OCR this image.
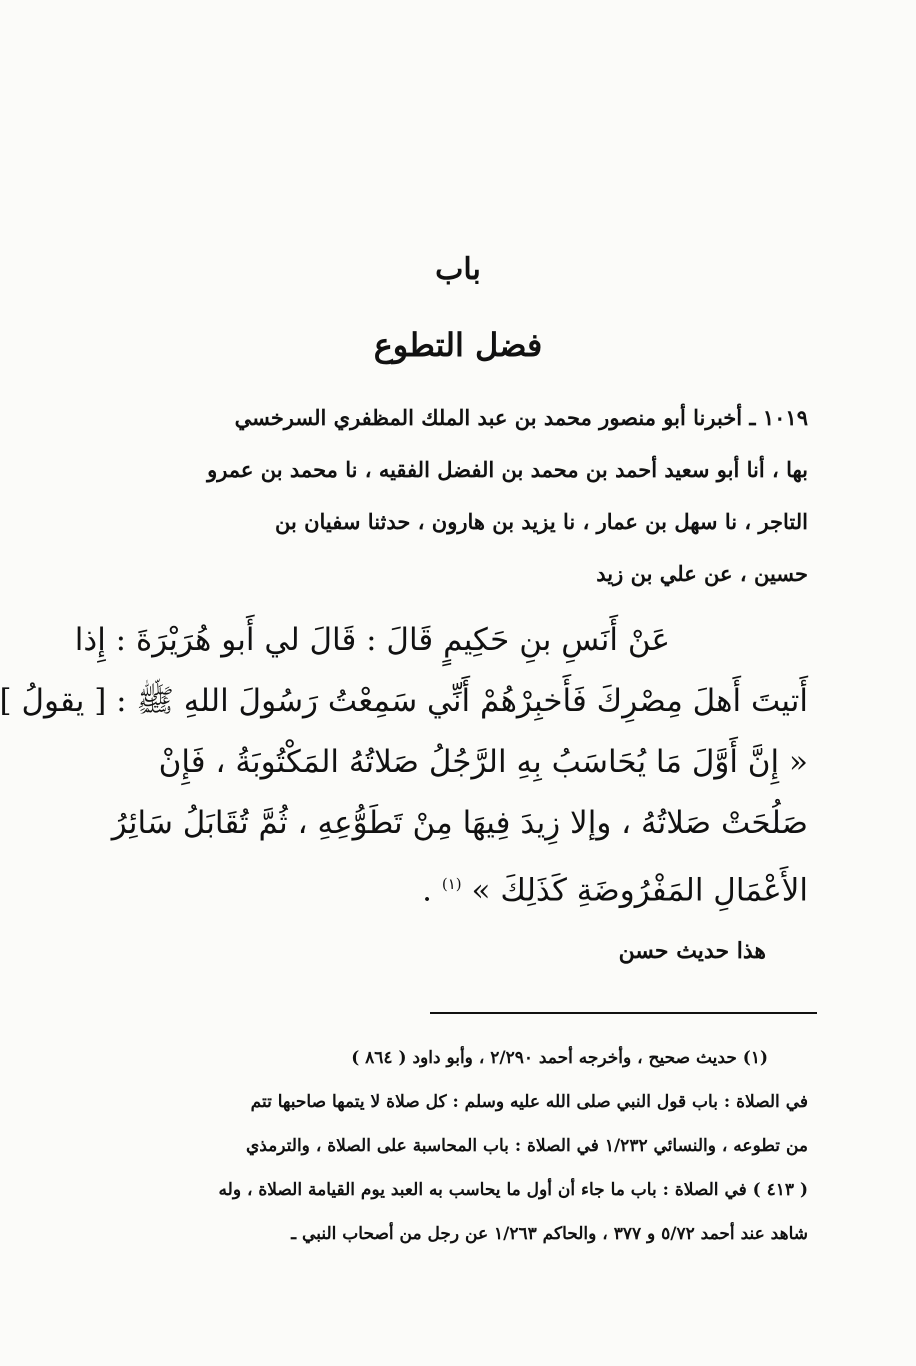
باب
فضل التطوع
١٠١٩ ـ أخبرنا أبو منصور محمد بن عبد الملك المظفري السرخسي
بها ، أنا أبو سعيد أحمد بن محمد بن الفضل الفقيه ، نا محمد بن عمرو
التاجر ، نا سهل بن عمار ، نا يزيد بن هارون ، حدثنا سفيان بن
حسين ، عن علي بن زيد
عَنْ أَنَسِ بنِ حَكِيمٍ قَالَ : قَالَ لي أَبو هُرَيْرَةَ : إِذا
أَتيتَ أَهلَ مِصْرِكَ فَأَخبِرْهُمْ أَنِّي سَمِعْتُ رَسُولَ اللهِ ﷺ : [ يقولُ ]
« إِنَّ أَوَّلَ مَا يُحَاسَبُ بِهِ الرَّجُلُ صَلاتُهُ المَكْتُوبَةُ ، فَإِنْ
صَلُحَتْ صَلاتُهُ ، وإلا زِيدَ فِيهَا مِنْ تَطَوُّعِهِ ، ثُمَّ تُقَابَلُ سَائِرُ
الأَعْمَالِ المَفْرُوضَةِ كَذَلِكَ » $^{(١)}$ .
هذا حديث حسن
(١) حديث صحيح ، وأخرجه أحمد ٢/٢٩٠ ، وأبو داود ( ٨٦٤ )
في الصلاة : باب قول النبي صلى الله عليه وسلم : كل صلاة لا يتمها صاحبها تتم
من تطوعه ، والنسائي ١/٢٣٢ في الصلاة : باب المحاسبة على الصلاة ، والترمذي
( ٤١٣ ) في الصلاة : باب ما جاء أن أول ما يحاسب به العبد يوم القيامة الصلاة ، وله
شاهد عند أحمد ٥/٧٢ و ٣٧٧ ، والحاكم ١/٢٦٣ عن رجل من أصحاب النبي ـ
